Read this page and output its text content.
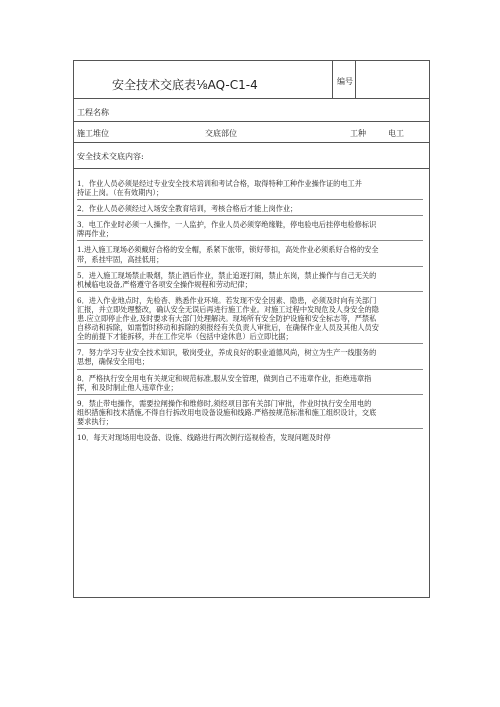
安全技术交底表⅛AQ-C1-4	编号
工程名称
施工堆位	交底部位	工种	电工
安全技术交底内容:
1．作业人员必须是经过专业安全技术培训和考试合格，取得特种工种作业操作证的电工并
持证上岗。（在有效期内）；
2．作业人员必须经过入场安全教育培训，考核合格后才能上岗作业；
3．电工作业时必须一人操作，一人监护，作业人员必须穿绝缘鞋，停电验电后挂停电检修标识
牌再作业；
1.进入施工现场必须戴好合格的安全帽，系紧下旅带，锁好带扣，高处作业必须系好合格的安全
带，系挂牢固，高挂低用；
5．进入施工现场禁止吸烟，禁止酒后作业，禁止追逐打闹，禁止东岗，禁止操作与自己无关的
机械临电设备,严格遵守各项安全操作规程和劳动纪律；
6．进入作业地点时，先检杳、熟悉作业环境。若发现不安全因素、隐患，必须及时向有关部门
汇报，并立即处理整改，确认安全无误后再进行施工作业。对施工过程中发现危及人身安全的隐
患.应立即停止作业,及时要求有大部门处理解决。现场所有安全防护设施和安全标志等，严禁私
自移动和拆除，如需暂时移动和拆除的须报经有关负责人审批后，在确保作业人员及其他人员安
全的前提下才能拆移，并在工作完毕（包括中途休息）后立即比据；
7．努力学习专业安全技术知识，敬岗受业，养成良好的职业道德风尚，树立为生产一线服务的
思想，确保安全用电；
8．严格执行安全用电有关规定和规范标准,服从安全管理，做到自己不违章作业，拒绝违章指
挥，和及时制止他人违章作业；
9．禁止带电操作，需要拉闸操作和维修时,须经项目部有关部门审批，作业时执行安全用电的
组织措施和技术措施,不得自行拆改用电设备设施和线路.严格按规范标准和施工组织设计，交底
要求执行；
10．每天对现场用电设备、设施、线路进行两次例行巡视检杳，发现问题及时停
